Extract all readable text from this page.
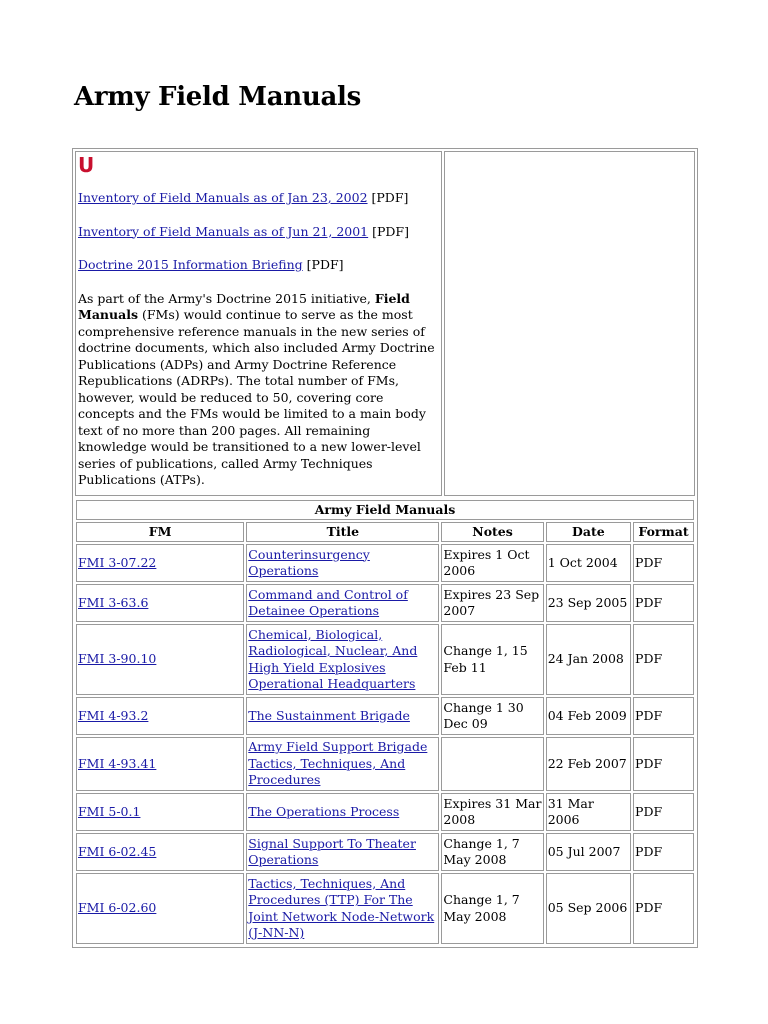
Army Field Manuals
U
Inventory of Field Manuals as of Jan 23, 2002 [PDF]
Inventory of Field Manuals as of Jun 21, 2001 [PDF]
Doctrine 2015 Information Briefing [PDF]

As part of the Army's Doctrine 2015 initiative, Field Manuals (FMs) would continue to serve as the most comprehensive reference manuals in the new series of doctrine documents, which also included Army Doctrine Publications (ADPs) and Army Doctrine Reference Republications (ADRPs). The total number of FMs, however, would be reduced to 50, covering core concepts and the FMs would be limited to a main body text of no more than 200 pages. All remaining knowledge would be transitioned to a new lower-level series of publications, called Army Techniques Publications (ATPs).

Army Field Manuals				
FM	Title	Notes	Date	Format
FMI 3-07.22	Counterinsurgency Operations	Expires 1 Oct 2006	1 Oct 2004	PDF
FMI 3-63.6	Command and Control of Detainee Operations	Expires 23 Sep 2007	23 Sep 2005	PDF
FMI 3-90.10	Chemical, Biological, Radiological, Nuclear, And High Yield Explosives Operational Headquarters	Change 1, 15 Feb 11	24 Jan 2008	PDF
FMI 4-93.2	The Sustainment Brigade	Change 1 30 Dec 09	04 Feb 2009	PDF
FMI 4-93.41	Army Field Support Brigade Tactics, Techniques, And Procedures		22 Feb 2007	PDF
FMI 5-0.1	The Operations Process	Expires 31 Mar 2008	31 Mar 2006	PDF
FMI 6-02.45	Signal Support To Theater Operations	Change 1, 7 May 2008	05 Jul 2007	PDF
FMI 6-02.60	Tactics, Techniques, And Procedures (TTP) For The Joint Network Node-Network (J-NN-N)	Change 1, 7 May 2008	05 Sep 2006	PDF
